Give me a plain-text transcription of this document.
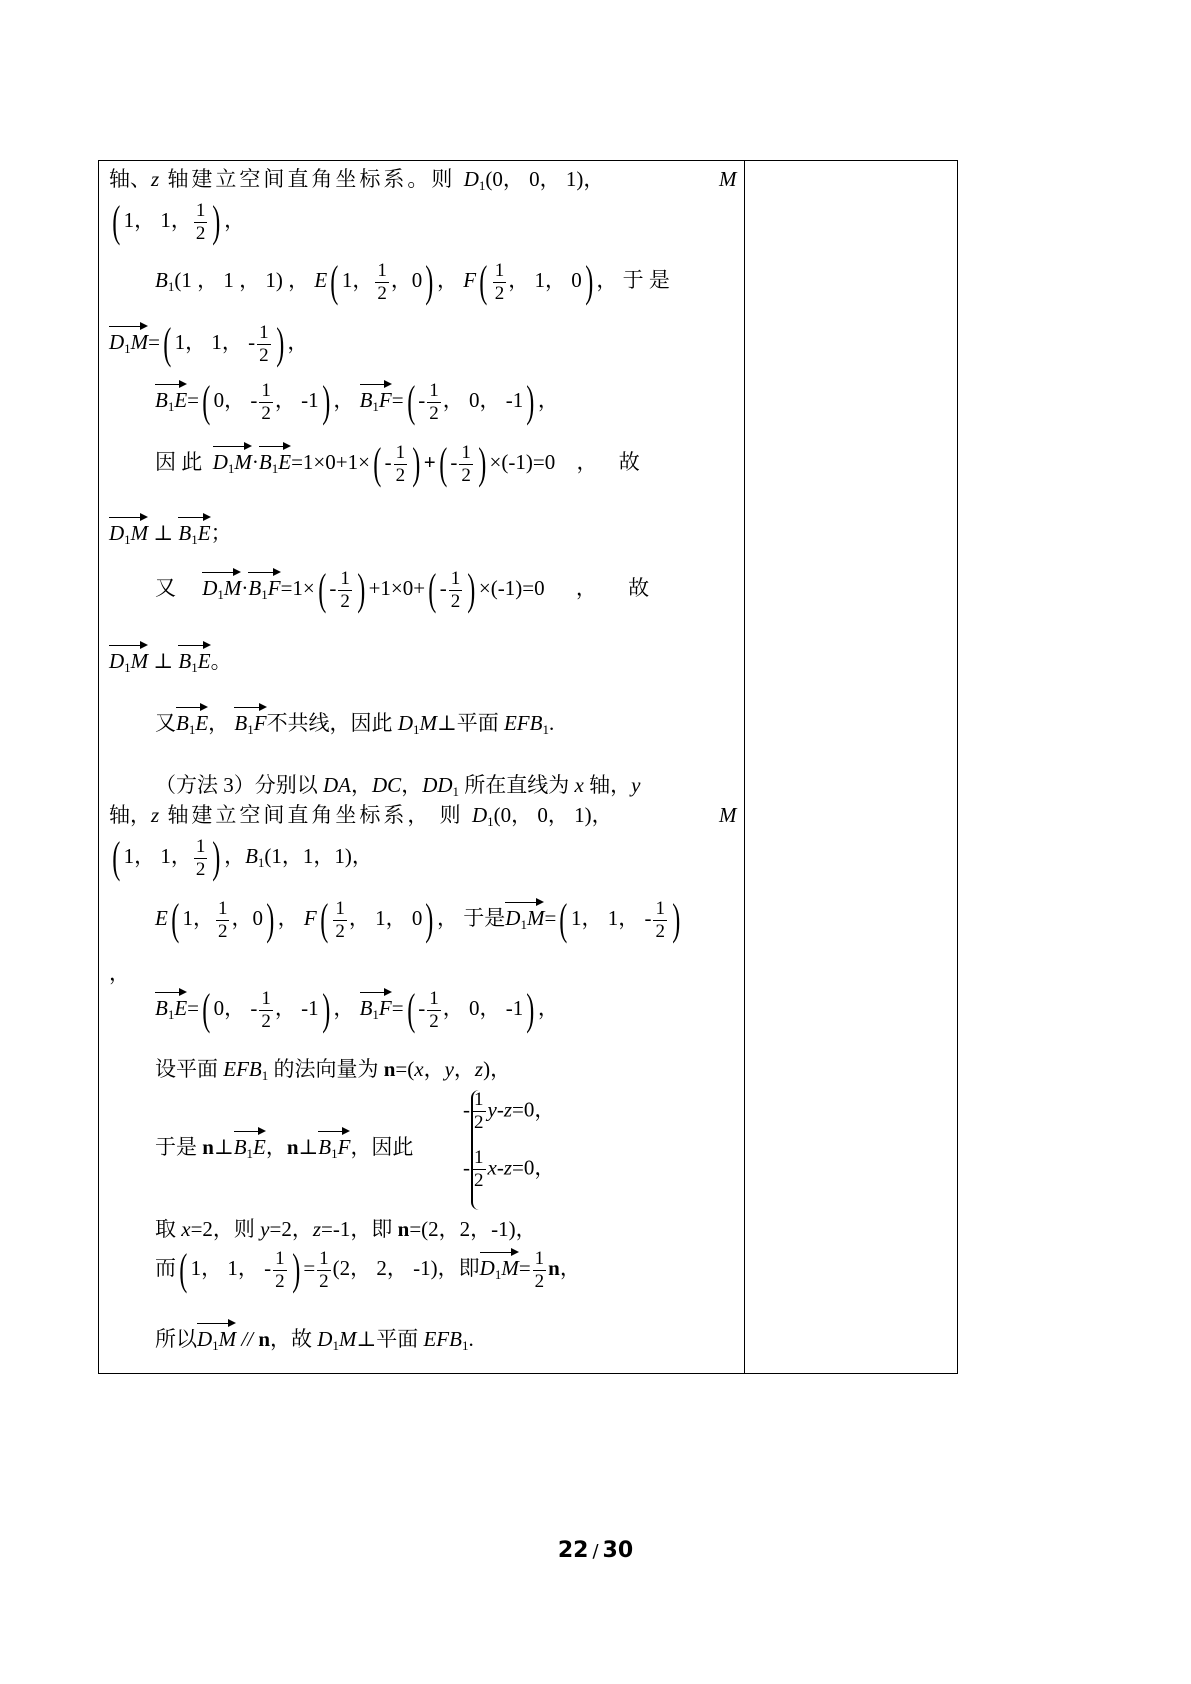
轴、z 轴建立空间直角坐标系。则 $D_1(0$， 0， 1)，	M
( 1， 1， $\frac{1}{2}$ ) ，
$B_1(1$ ， 1 ， 1) ， E( 1， $\frac{1}{2}$ ，0) ， $F( \frac{1}{2}$ ， 1， 0) ， 于 是
$D_1M=$( 1， 1， - $\frac{1}{2}$ ) ，
$B_1E=$( 0， - $\frac{1}{2}$ ， -1) ， $B_1F=( - \frac{1}{2}$ ， 0， -1) ，
因 此 $D_1M\cdot B_1E=1\times 0+1\times( - \frac{1}{2}$ ) +( - $\frac{1}{2}$ ) ×(-1)=0 ， 故
$D_1M$ ⊥ $B_1E$；
又 $D_1M\cdot B_1F=1\times( - \frac{1}{2}$ ) $+1\times 0+( - \frac{1}{2}$ ) ×(-1)=0 ， 故
$D_1M$ ⊥ $B_1E$。
又$B_1E$， $B_1F$不共线，因此 $D_1M\perp$平面 $EFB_1$.
（方法 3）分别以 DA，DC，$DD_1$ 所在直线为 x 轴，y
轴，z 轴建立空间直角坐标系， 则 $D_1(0$， 0， 1)，	M
( 1， 1， $\frac{1}{2}$ ) ，$B_1(1$，1，1)，
E( 1， $\frac{1}{2}$ ，0) ， $F( \frac{1}{2}$ ， 1， 0) ， 于是$D_1M=$( 1， 1， - $\frac{1}{2}$ )
，
$B_1E=$( 0， - $\frac{1}{2}$ ， -1) ， $B_1F=( - \frac{1}{2}$ ， 0， -1) ，
设平面 $EFB_1$ 的法向量为 n=(x，y，z)，
- $\frac{1}{2} y-z=0$，
于是 $n\perp B_1E$，$n\perp B_1F$，因此
- $\frac{1}{2} x-z=0$，
取 x=2，则 y=2，z=-1，即 n=(2，2，-1)，
而( 1， 1， - $\frac{1}{2}$ ) = $\frac{1}{2} (2$， 2， -1)，即$D_1M= \frac{1}{2}$ n，
所以$D_1M$ // n，故 $D_1M\perp$平面 $EFB_1$.
22 / 30
